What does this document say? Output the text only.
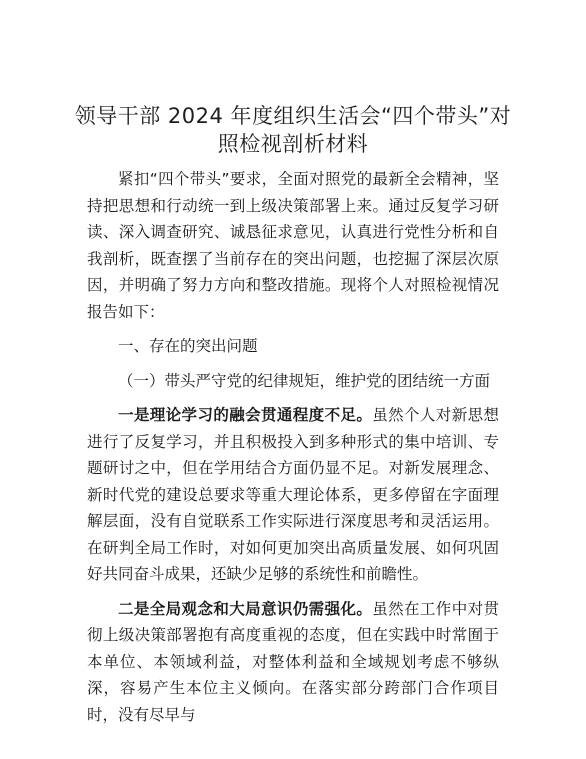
领导干部 2024 年度组织生活会“四个带头”对
照检视剖析材料

紧扣“四个带头”要求，全面对照党的最新全会精神，坚持把思想和行动统一到上级决策部署上来。通过反复学习研读、深入调查研究、诚恳征求意见，认真进行党性分析和自我剖析，既查摆了当前存在的突出问题，也挖掘了深层次原因，并明确了努力方向和整改措施。现将个人对照检视情况报告如下：

一、存在的突出问题

（一）带头严守党的纪律规矩，维护党的团结统一方面

一是理论学习的融会贯通程度不足。虽然个人对新思想进行了反复学习，并且积极投入到多种形式的集中培训、专题研讨之中，但在学用结合方面仍显不足。对新发展理念、新时代党的建设总要求等重大理论体系，更多停留在字面理解层面，没有自觉联系工作实际进行深度思考和灵活运用。在研判全局工作时，对如何更加突出高质量发展、如何巩固好共同奋斗成果，还缺少足够的系统性和前瞻性。

二是全局观念和大局意识仍需强化。虽然在工作中对贯彻上级决策部署抱有高度重视的态度，但在实践中时常囿于本单位、本领域利益，对整体利益和全域规划考虑不够纵深，容易产生本位主义倾向。在落实部分跨部门合作项目时，没有尽早与
